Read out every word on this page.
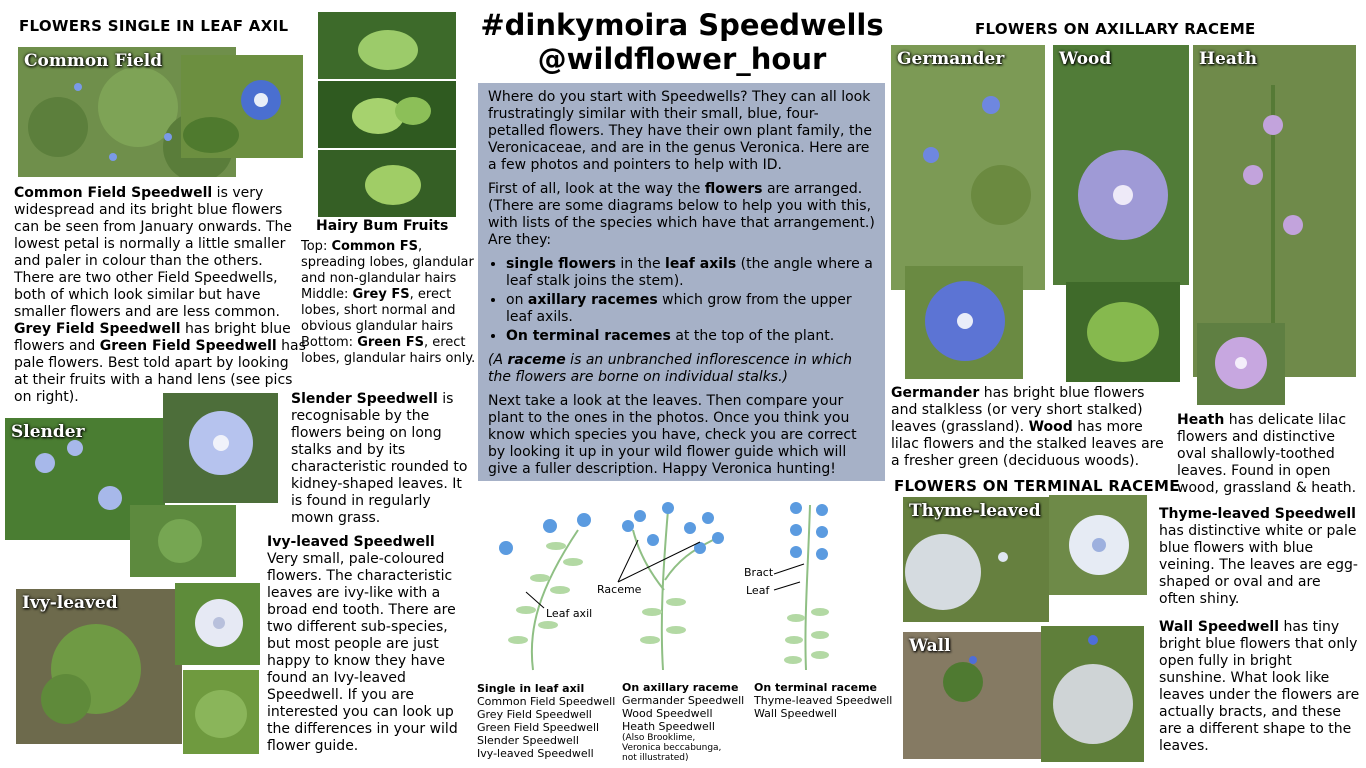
FLOWERS SINGLE IN LEAF AXIL	FLOWERS ON AXILLARY RACEME
FLOWERS ON TERMINAL RACEME
#dinkymoira Speedwells
@wildflower_hour
Common Field
Slender
Ivy-leaved
Common Field Speedwell is very widespread and its bright blue flowers can be seen from January onwards. The lowest petal is normally a little smaller and paler in colour than the others. There are two other Field Speedwells, both of which look similar but have smaller flowers and are less common. Grey Field Speedwell has bright blue flowers and Green Field Speedwell has pale flowers. Best told apart by looking at their fruits with a hand lens (see pics on right).
Hairy Bum Fruits
Top: Common FS, spreading lobes, glandular and non-glandular hairs
Middle: Grey FS, erect lobes, short normal and obvious glandular hairs
Bottom: Green FS, erect lobes, glandular hairs only.
Slender Speedwell is recognisable by the flowers being on long stalks and by its characteristic rounded to kidney-shaped leaves. It is found in regularly mown grass.
Ivy-leaved Speedwell
Very small, pale-coloured flowers. The characteristic leaves are ivy-like with a broad end tooth. There are two different sub-species, but most people are just happy to know they have found an Ivy-leaved Speedwell. If you are interested you can look up the differences in your wild flower guide.

Where do you start with Speedwells? They can all look frustratingly similar with their small, blue, four-petalled flowers. They have their own plant family, the Veronicaceae, and are in the genus Veronica. Here are a few photos and pointers to help with ID.

First of all, look at the way the flowers are arranged. (There are some diagrams below to help you with this, with lists of the species which have that arrangement.) Are they:

• single flowers in the leaf axils (the angle where a leaf stalk joins the stem).
• on axillary racemes which grow from the upper leaf axils.
• On terminal racemes at the top of the plant.

(A raceme is an unbranched inflorescence in which the flowers are borne on individual stalks.)

Next take a look at the leaves. Then compare your plant to the ones in the photos. Once you think you know which species you have, check you are correct by looking it up in your wild flower guide which will give a fuller description. Happy Veronica hunting!

Leaf axil
Raceme
Bract
Leaf
Single in leaf axil
Common Field Speedwell
Grey Field Speedwell
Green Field Speedwell
Slender Speedwell
Ivy-leaved Speedwell
On axillary raceme
Germander Speedwell
Wood Speedwell
Heath Speedwell
(Also Brooklime,
Veronica beccabunga,
not illustrated)
On terminal raceme
Thyme-leaved Speedwell
Wall Speedwell
Germander	Wood	Heath
Thyme-leaved
Wall
Germander has bright blue flowers and stalkless (or very short stalked) leaves (grassland). Wood has more lilac flowers and the stalked leaves are a fresher green (deciduous woods).
Heath has delicate lilac flowers and distinctive oval shallowly-toothed leaves. Found in open wood, grassland & heath.
Thyme-leaved Speedwell has distinctive white or pale blue flowers with blue veining. The leaves are egg-shaped or oval and are often shiny.
Wall Speedwell has tiny bright blue flowers that only open fully in bright sunshine. What look like leaves under the flowers are actually bracts, and these are a different shape to the leaves.
